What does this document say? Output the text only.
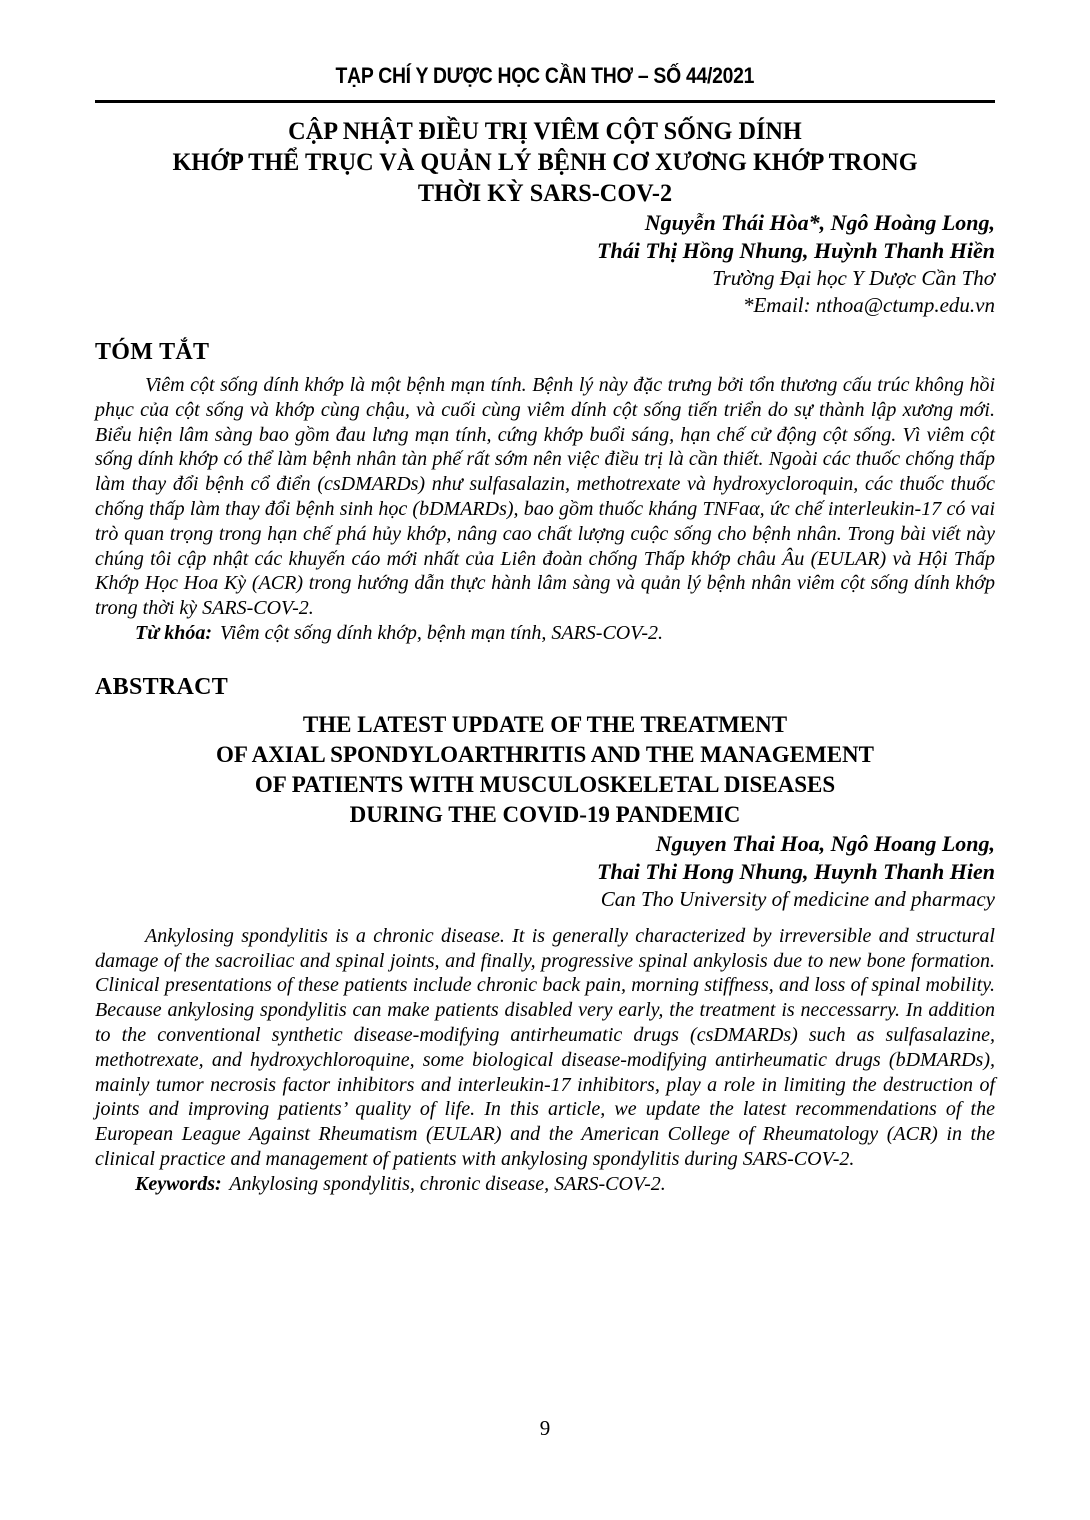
TẠP CHÍ Y DƯỢC HỌC CẦN THƠ – SỐ 44/2021
CẬP NHẬT ĐIỀU TRỊ VIÊM CỘT SỐNG DÍNH
KHỚP THỂ TRỤC VÀ QUẢN LÝ BỆNH CƠ XƯƠNG KHỚP TRONG
THỜI KỲ SARS-COV-2
Nguyễn Thái Hòa*, Ngô Hoàng Long,
Thái Thị Hồng Nhung, Huỳnh Thanh Hiền
Trường Đại học Y Dược Cần Thơ
*Email: nthoa@ctump.edu.vn
TÓM TẮT

Viêm cột sống dính khớp là một bệnh mạn tính. Bệnh lý này đặc trưng bởi tổn thương cấu trúc không hồi phục của cột sống và khớp cùng chậu, và cuối cùng viêm dính cột sống tiến triển do sự thành lập xương mới. Biểu hiện lâm sàng bao gồm đau lưng mạn tính, cứng khớp buổi sáng, hạn chế cử động cột sống. Vì viêm cột sống dính khớp có thể làm bệnh nhân tàn phế rất sớm nên việc điều trị là cần thiết. Ngoài các thuốc chống thấp làm thay đổi bệnh cổ điển (csDMARDs) như sulfasalazin, methotrexate và hydroxycloroquin, các thuốc thuốc chống thấp làm thay đổi bệnh sinh học (bDMARDs), bao gồm thuốc kháng TNFaα, ức chế interleukin-17 có vai trò quan trọng trong hạn chế phá hủy khớp, nâng cao chất lượng cuộc sống cho bệnh nhân. Trong bài viết này chúng tôi cập nhật các khuyến cáo mới nhất của Liên đoàn chống Thấp khớp châu Âu (EULAR) và Hội Thấp Khớp Học Hoa Kỳ (ACR) trong hướng dẫn thực hành lâm sàng và quản lý bệnh nhân viêm cột sống dính khớp trong thời kỳ SARS-COV-2.

Từ khóa: Viêm cột sống dính khớp, bệnh mạn tính, SARS-COV-2.

ABSTRACT
THE LATEST UPDATE OF THE TREATMENT
OF AXIAL SPONDYLOARTHRITIS AND THE MANAGEMENT
OF PATIENTS WITH MUSCULOSKELETAL DISEASES
DURING THE COVID-19 PANDEMIC
Nguyen Thai Hoa, Ngô Hoang Long,
Thai Thi Hong Nhung, Huynh Thanh Hien
Can Tho University of medicine and pharmacy

Ankylosing spondylitis is a chronic disease. It is generally characterized by irreversible and structural damage of the sacroiliac and spinal joints, and finally, progressive spinal ankylosis due to new bone formation. Clinical presentations of these patients include chronic back pain, morning stiffness, and loss of spinal mobility. Because ankylosing spondylitis can make patients disabled very early, the treatment is neccessarry. In addition to the conventional synthetic disease-modifying antirheumatic drugs (csDMARDs) such as sulfasalazine, methotrexate, and hydroxychloroquine, some biological disease-modifying antirheumatic drugs (bDMARDs), mainly tumor necrosis factor inhibitors and interleukin-17 inhibitors, play a role in limiting the destruction of joints and improving patients’ quality of life. In this article, we update the latest recommendations of the European League Against Rheumatism (EULAR) and the American College of Rheumatology (ACR) in the clinical practice and management of patients with ankylosing spondylitis during SARS-COV-2.

Keywords: Ankylosing spondylitis, chronic disease, SARS-COV-2.

9
